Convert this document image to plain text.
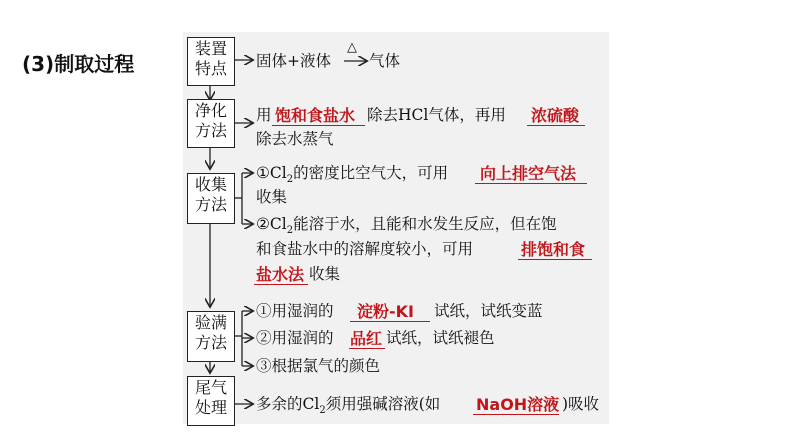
(3)制取过程
装置
特点
净化
方法
收集
方法
验满
方法
尾气
处理
固体+液体
△
气体
用 饱和食盐水 除去HCl气体，再用 浓硫酸
除去水蒸气
$①Cl_2$的密度比空气大，可用 向上排空气法
收集
$②Cl_2$能溶于水，且能和水发生反应，但在饱
和食盐水中的溶解度较小，可用	排饱和食
盐水法 收集
①用湿润的 淀粉-KI 试纸，试纸变蓝
②用湿润的 品红 试纸，试纸褪色
③根据氯气的颜色
多余的$Cl_2$须用强碱溶液(如 NaOH溶液 )吸收
